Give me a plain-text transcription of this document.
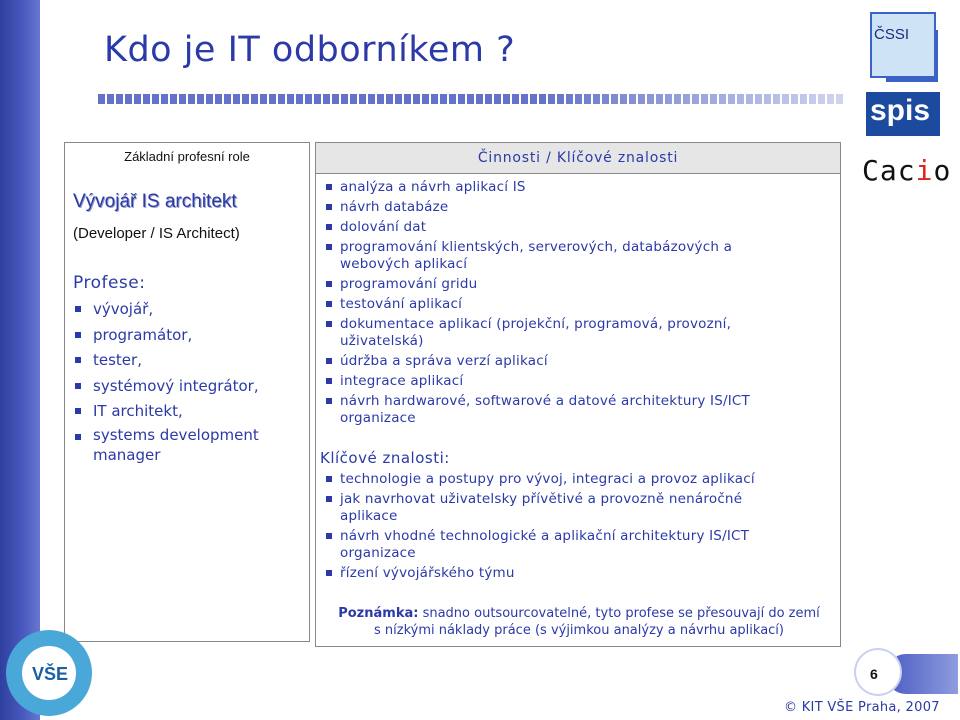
Kdo je IT odborníkem ?	ČSSI
spis
Cacio
Základní profesní role
Vývojář IS architekt
(Developer / IS Architect)
Profese:
vývojář,
programátor,
tester,
systémový integrátor,
IT architekt,
systems development manager
Činnosti / Klíčové znalosti
analýza a návrh aplikací IS
návrh databáze
dolování dat
programování klientských, serverových, databázových a webových aplikací
programování gridu
testování aplikací
dokumentace aplikací (projekční, programová, provozní, uživatelská)
údržba a správa verzí aplikací
integrace aplikací
návrh hardwarové, softwarové a datové architektury IS/ICT organizace
Klíčové znalosti:
technologie a postupy pro vývoj, integraci a provoz aplikací
jak navrhovat uživatelsky přívětivé a provozně nenáročné aplikace
návrh vhodné technologické a aplikační architektury IS/ICT organizace
řízení vývojářského týmu
Poznámka: snadno outsourcovatelné, tyto profese se přesouvají do zemí s nízkými náklady práce (s výjimkou analýzy a návrhu aplikací)
VŠE	6
© KIT VŠE Praha, 2007
